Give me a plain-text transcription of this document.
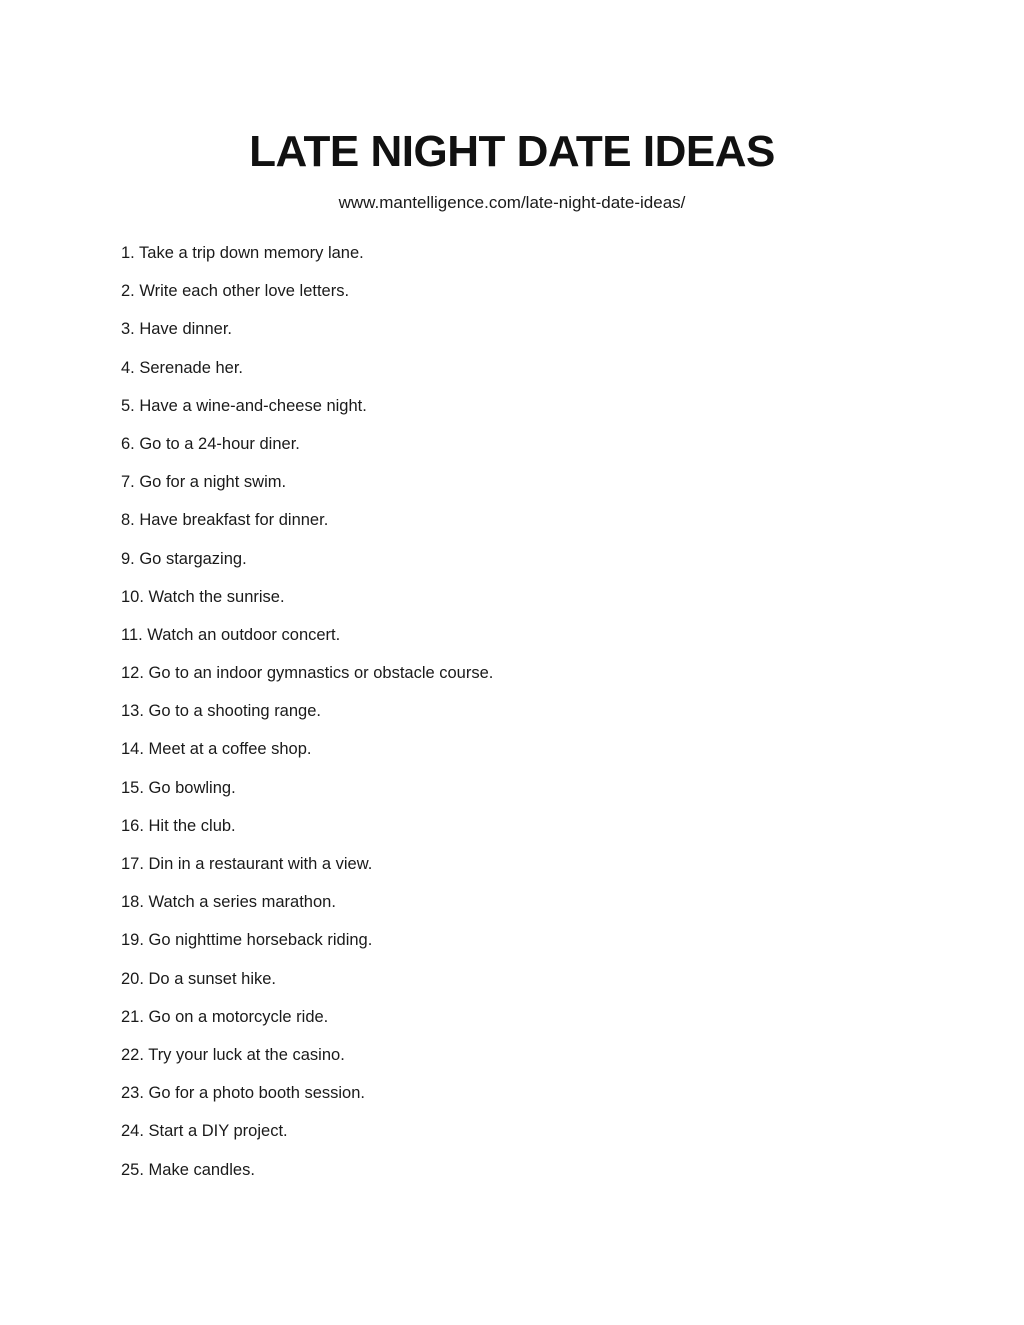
LATE NIGHT DATE IDEAS
www.mantelligence.com/late-night-date-ideas/
1. Take a trip down memory lane.
2. Write each other love letters.
3. Have dinner.
4. Serenade her.
5. Have a wine-and-cheese night.
6. Go to a 24-hour diner.
7. Go for a night swim.
8. Have breakfast for dinner.
9. Go stargazing.
10. Watch the sunrise.
11. Watch an outdoor concert.
12. Go to an indoor gymnastics or obstacle course.
13. Go to a shooting range.
14. Meet at a coffee shop.
15. Go bowling.
16. Hit the club.
17. Din in a restaurant with a view.
18. Watch a series marathon.
19. Go nighttime horseback riding.
20. Do a sunset hike.
21. Go on a motorcycle ride.
22. Try your luck at the casino.
23. Go for a photo booth session.
24. Start a DIY project.
25. Make candles.
